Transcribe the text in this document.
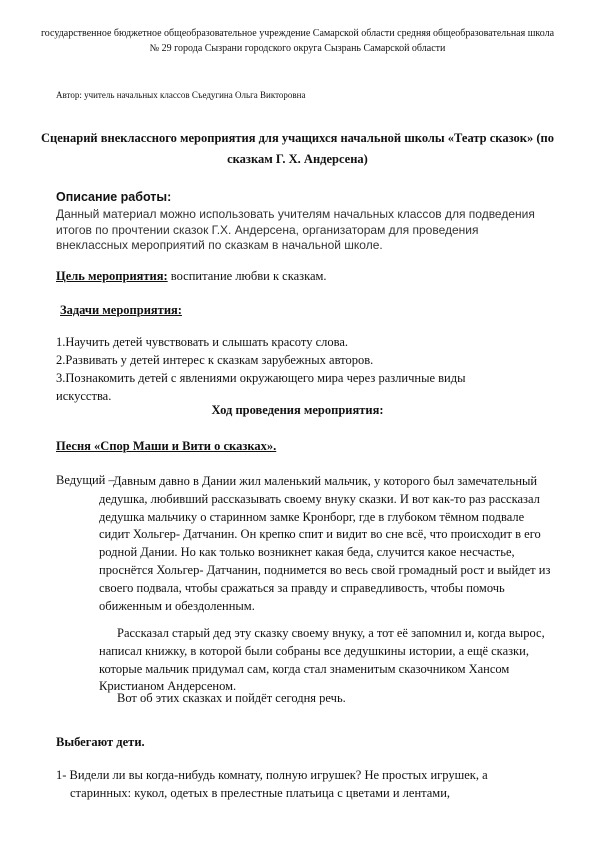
государственное бюджетное общеобразовательное учреждение Самарской области средняя общеобразовательная школа № 29 города Сызрани городского округа Сызрань Самарской области
Автор: учитель начальных классов Съедугина Ольга Викторовна
Сценарий внеклассного мероприятия для учащихся начальной школы «Театр сказок» (по сказкам Г. Х. Андерсена)
Описание работы:
Данный материал можно использовать учителям начальных классов для подведения итогов по прочтении сказок Г.Х. Андерсена, организаторам для проведения внеклассных мероприятий по сказкам в начальной школе.
Цель мероприятия: воспитание любви к сказкам.
Задачи мероприятия:
1.Научить детей чувствовать и слышать красоту слова.
2.Развивать у детей интерес к сказкам зарубежных авторов.
3.Познакомить детей с явлениями окружающего мира через различные виды
искусства.
Ход проведения мероприятия:
Песня «Спор Маши и Вити о сказках».
Ведущий –
Давным давно в Дании жил маленький мальчик, у которого был замечательный дедушка, любивший рассказывать своему внуку сказки. И вот как-то раз рассказал дедушка мальчику о старинном замке Кронборг, где в глубоком тёмном подвале сидит Хольгер- Датчанин. Он крепко спит и видит во сне всё, что происходит в его родной Дании. Но как только возникнет какая беда, случится какое несчастье, проснётся Хольгер- Датчанин, поднимется во весь свой громадный рост и выйдет из своего подвала, чтобы сражаться за правду и справедливость, чтобы помочь обиженным и обездоленным.
Рассказал старый дед эту сказку своему внуку, а тот её запомнил и, когда вырос, написал книжку, в которой были собраны все дедушкины истории, а ещё сказки, которые мальчик придумал сам, когда стал знаменитым сказочником Хансом Кристианом Андерсеном.
Вот об этих сказках и пойдёт сегодня речь.
Выбегают дети.
1- Видели ли вы когда-нибудь комнату, полную игрушек? Не простых игрушек, а
старинных: кукол, одетых в прелестные платьица с цветами и лентами,
